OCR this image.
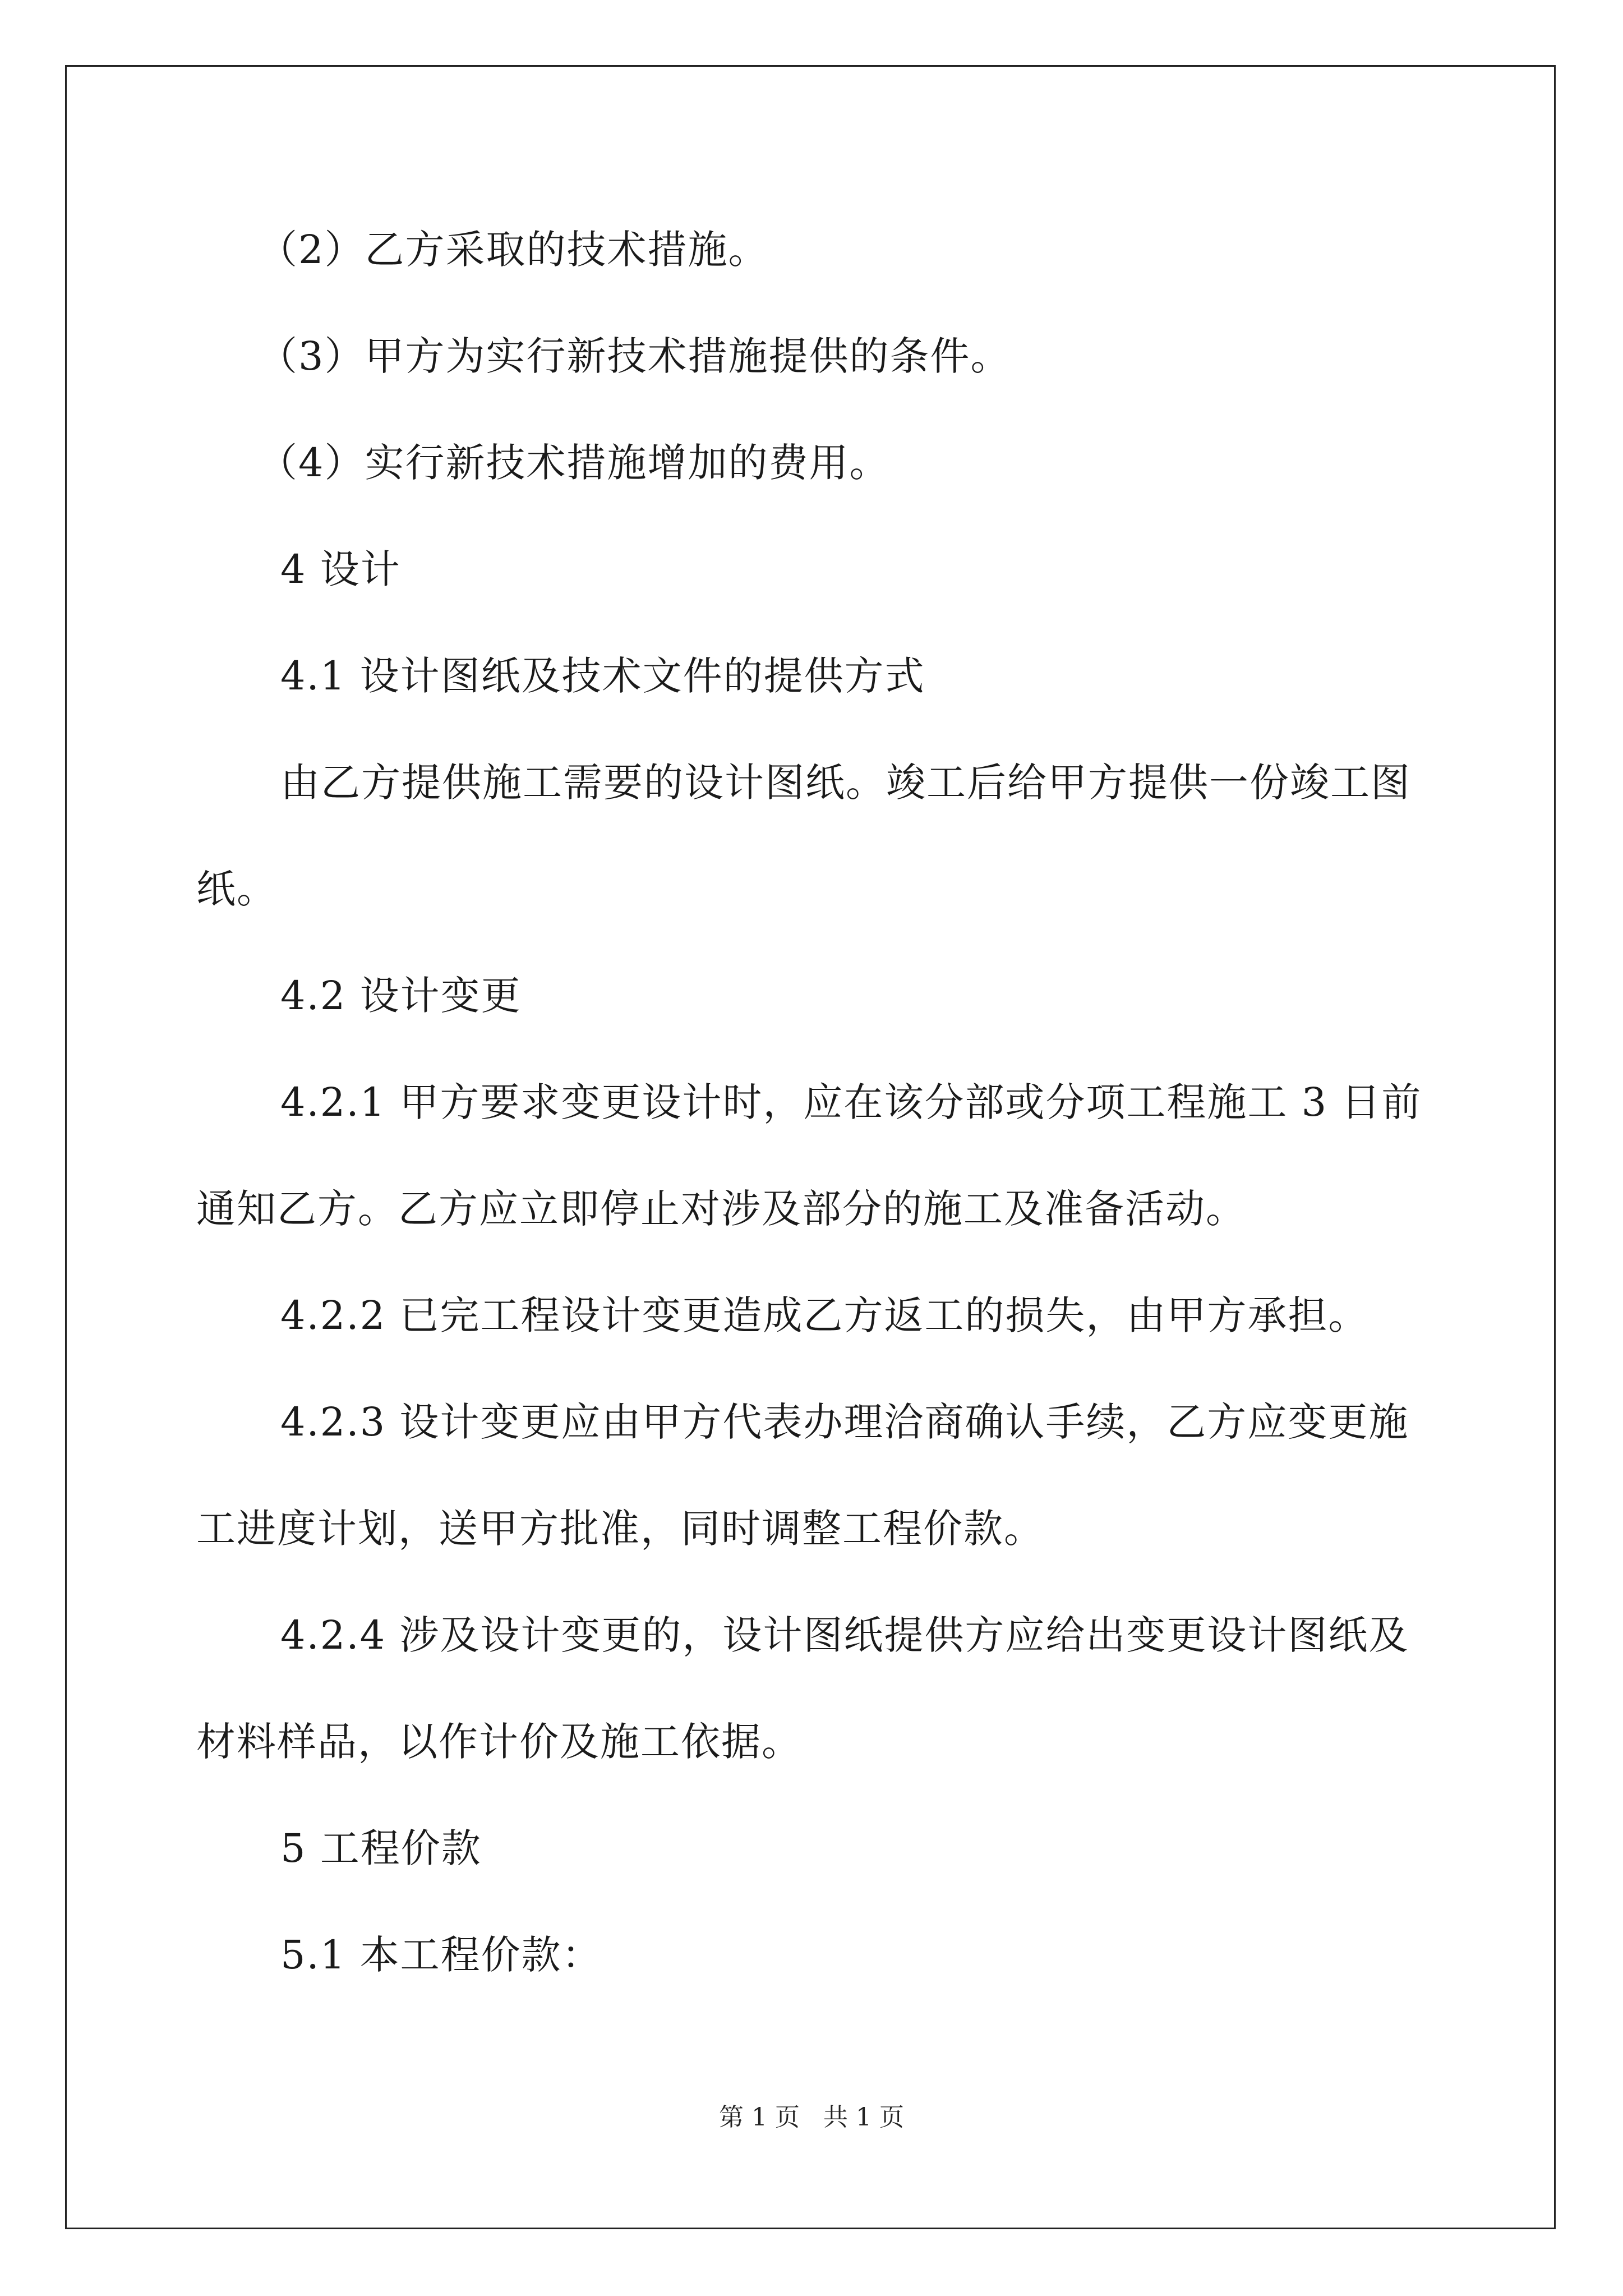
（2）乙方采取的技术措施。
（3）甲方为实行新技术措施提供的条件。
（4）实行新技术措施增加的费用。
4 设计
4.1 设计图纸及技术文件的提供方式
由乙方提供施工需要的设计图纸。竣工后给甲方提供一份竣工图
纸。
4.2 设计变更
4.2.1 甲方要求变更设计时，应在该分部或分项工程施工 3 日前
通知乙方。乙方应立即停止对涉及部分的施工及准备活动。
4.2.2 已完工程设计变更造成乙方返工的损失，由甲方承担。
4.2.3 设计变更应由甲方代表办理洽商确认手续，乙方应变更施
工进度计划，送甲方批准，同时调整工程价款。
4.2.4 涉及设计变更的，设计图纸提供方应给出变更设计图纸及
材料样品，以作计价及施工依据。
5 工程价款
5.1 本工程价款：
第 1 页 共 1 页
